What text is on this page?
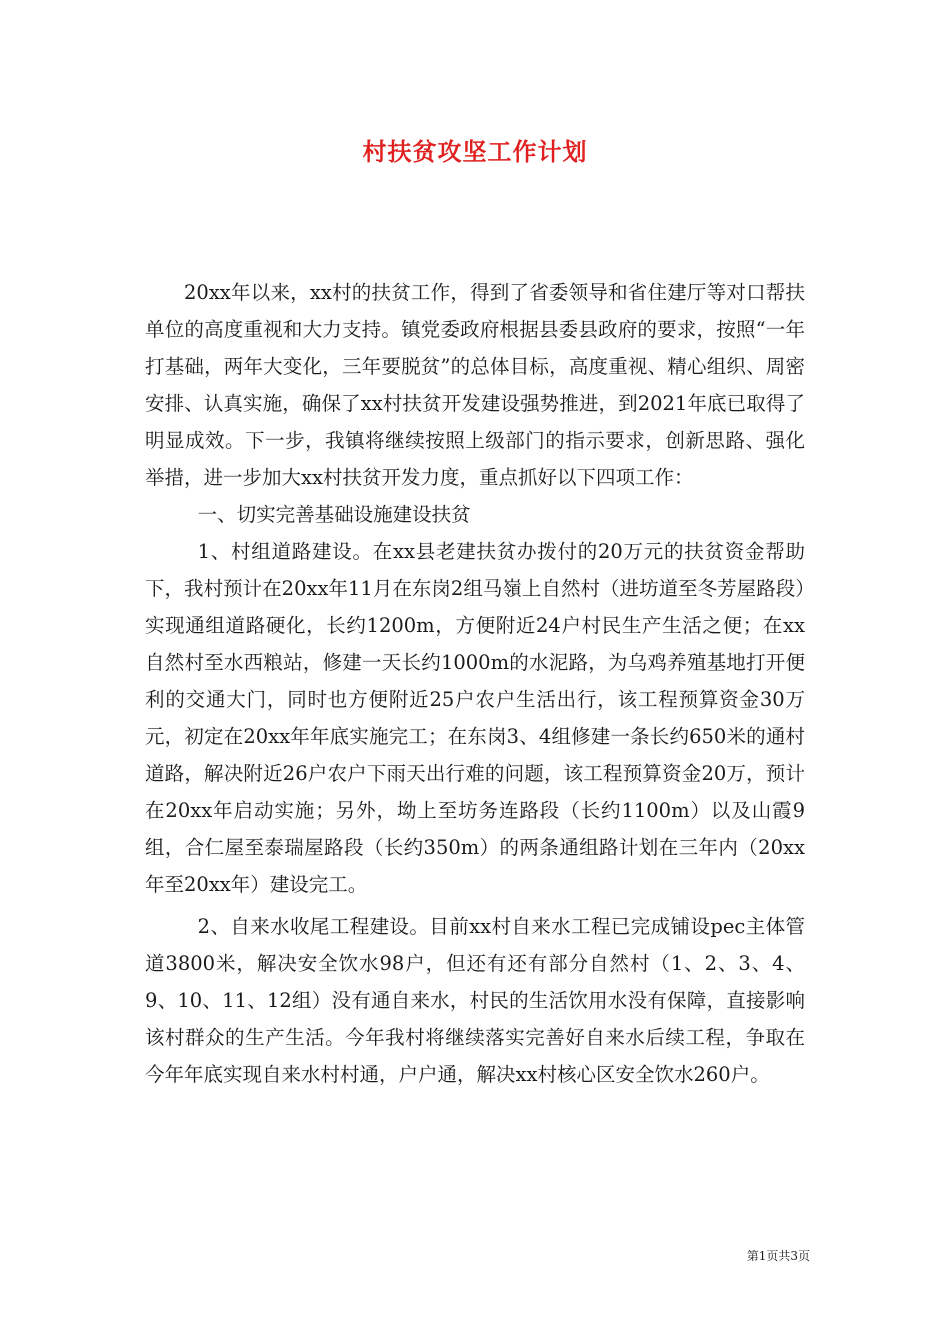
村扶贫攻坚工作计划

20xx年以来，xx村的扶贫工作，得到了省委领导和省住建厅等对口帮扶单位的高度重视和大力支持。镇党委政府根据县委县政府的要求，按照“一年打基础，两年大变化，三年要脱贫”的总体目标，高度重视、精心组织、周密安排、认真实施，确保了xx村扶贫开发建设强势推进，到2021年底已取得了明显成效。下一步，我镇将继续按照上级部门的指示要求，创新思路、强化举措，进一步加大xx村扶贫开发力度，重点抓好以下四项工作：

一、切实完善基础设施建设扶贫

1、村组道路建设。在xx县老建扶贫办拨付的20万元的扶贫资金帮助下，我村预计在20xx年11月在东岗2组马嶺上自然村（进坊道至冬芳屋路段）实现通组道路硬化，长约1200m，方便附近24户村民生产生活之便；在xx自然村至水西粮站，修建一天长约1000m的水泥路，为乌鸡养殖基地打开便利的交通大门，同时也方便附近25户农户生活出行，该工程预算资金30万元，初定在20xx年年底实施完工；在东岗3、4组修建一条长约650米的通村道路，解决附近26户农户下雨天出行难的问题，该工程预算资金20万，预计在20xx年启动实施；另外，坳上至坊务连路段（长约1100m）以及山霞9组，合仁屋至泰瑞屋路段（长约350m）的两条通组路计划在三年内（20xx年至20xx年）建设完工。

2、自来水收尾工程建设。目前xx村自来水工程已完成铺设pec主体管道3800米，解决安全饮水98户，但还有还有部分自然村（1、2、3、4、9、10、11、12组）没有通自来水，村民的生活饮用水没有保障，直接影响该村群众的生产生活。今年我村将继续落实完善好自来水后续工程，争取在今年年底实现自来水村村通，户户通，解决xx村核心区安全饮水260户。

第1页共3页
